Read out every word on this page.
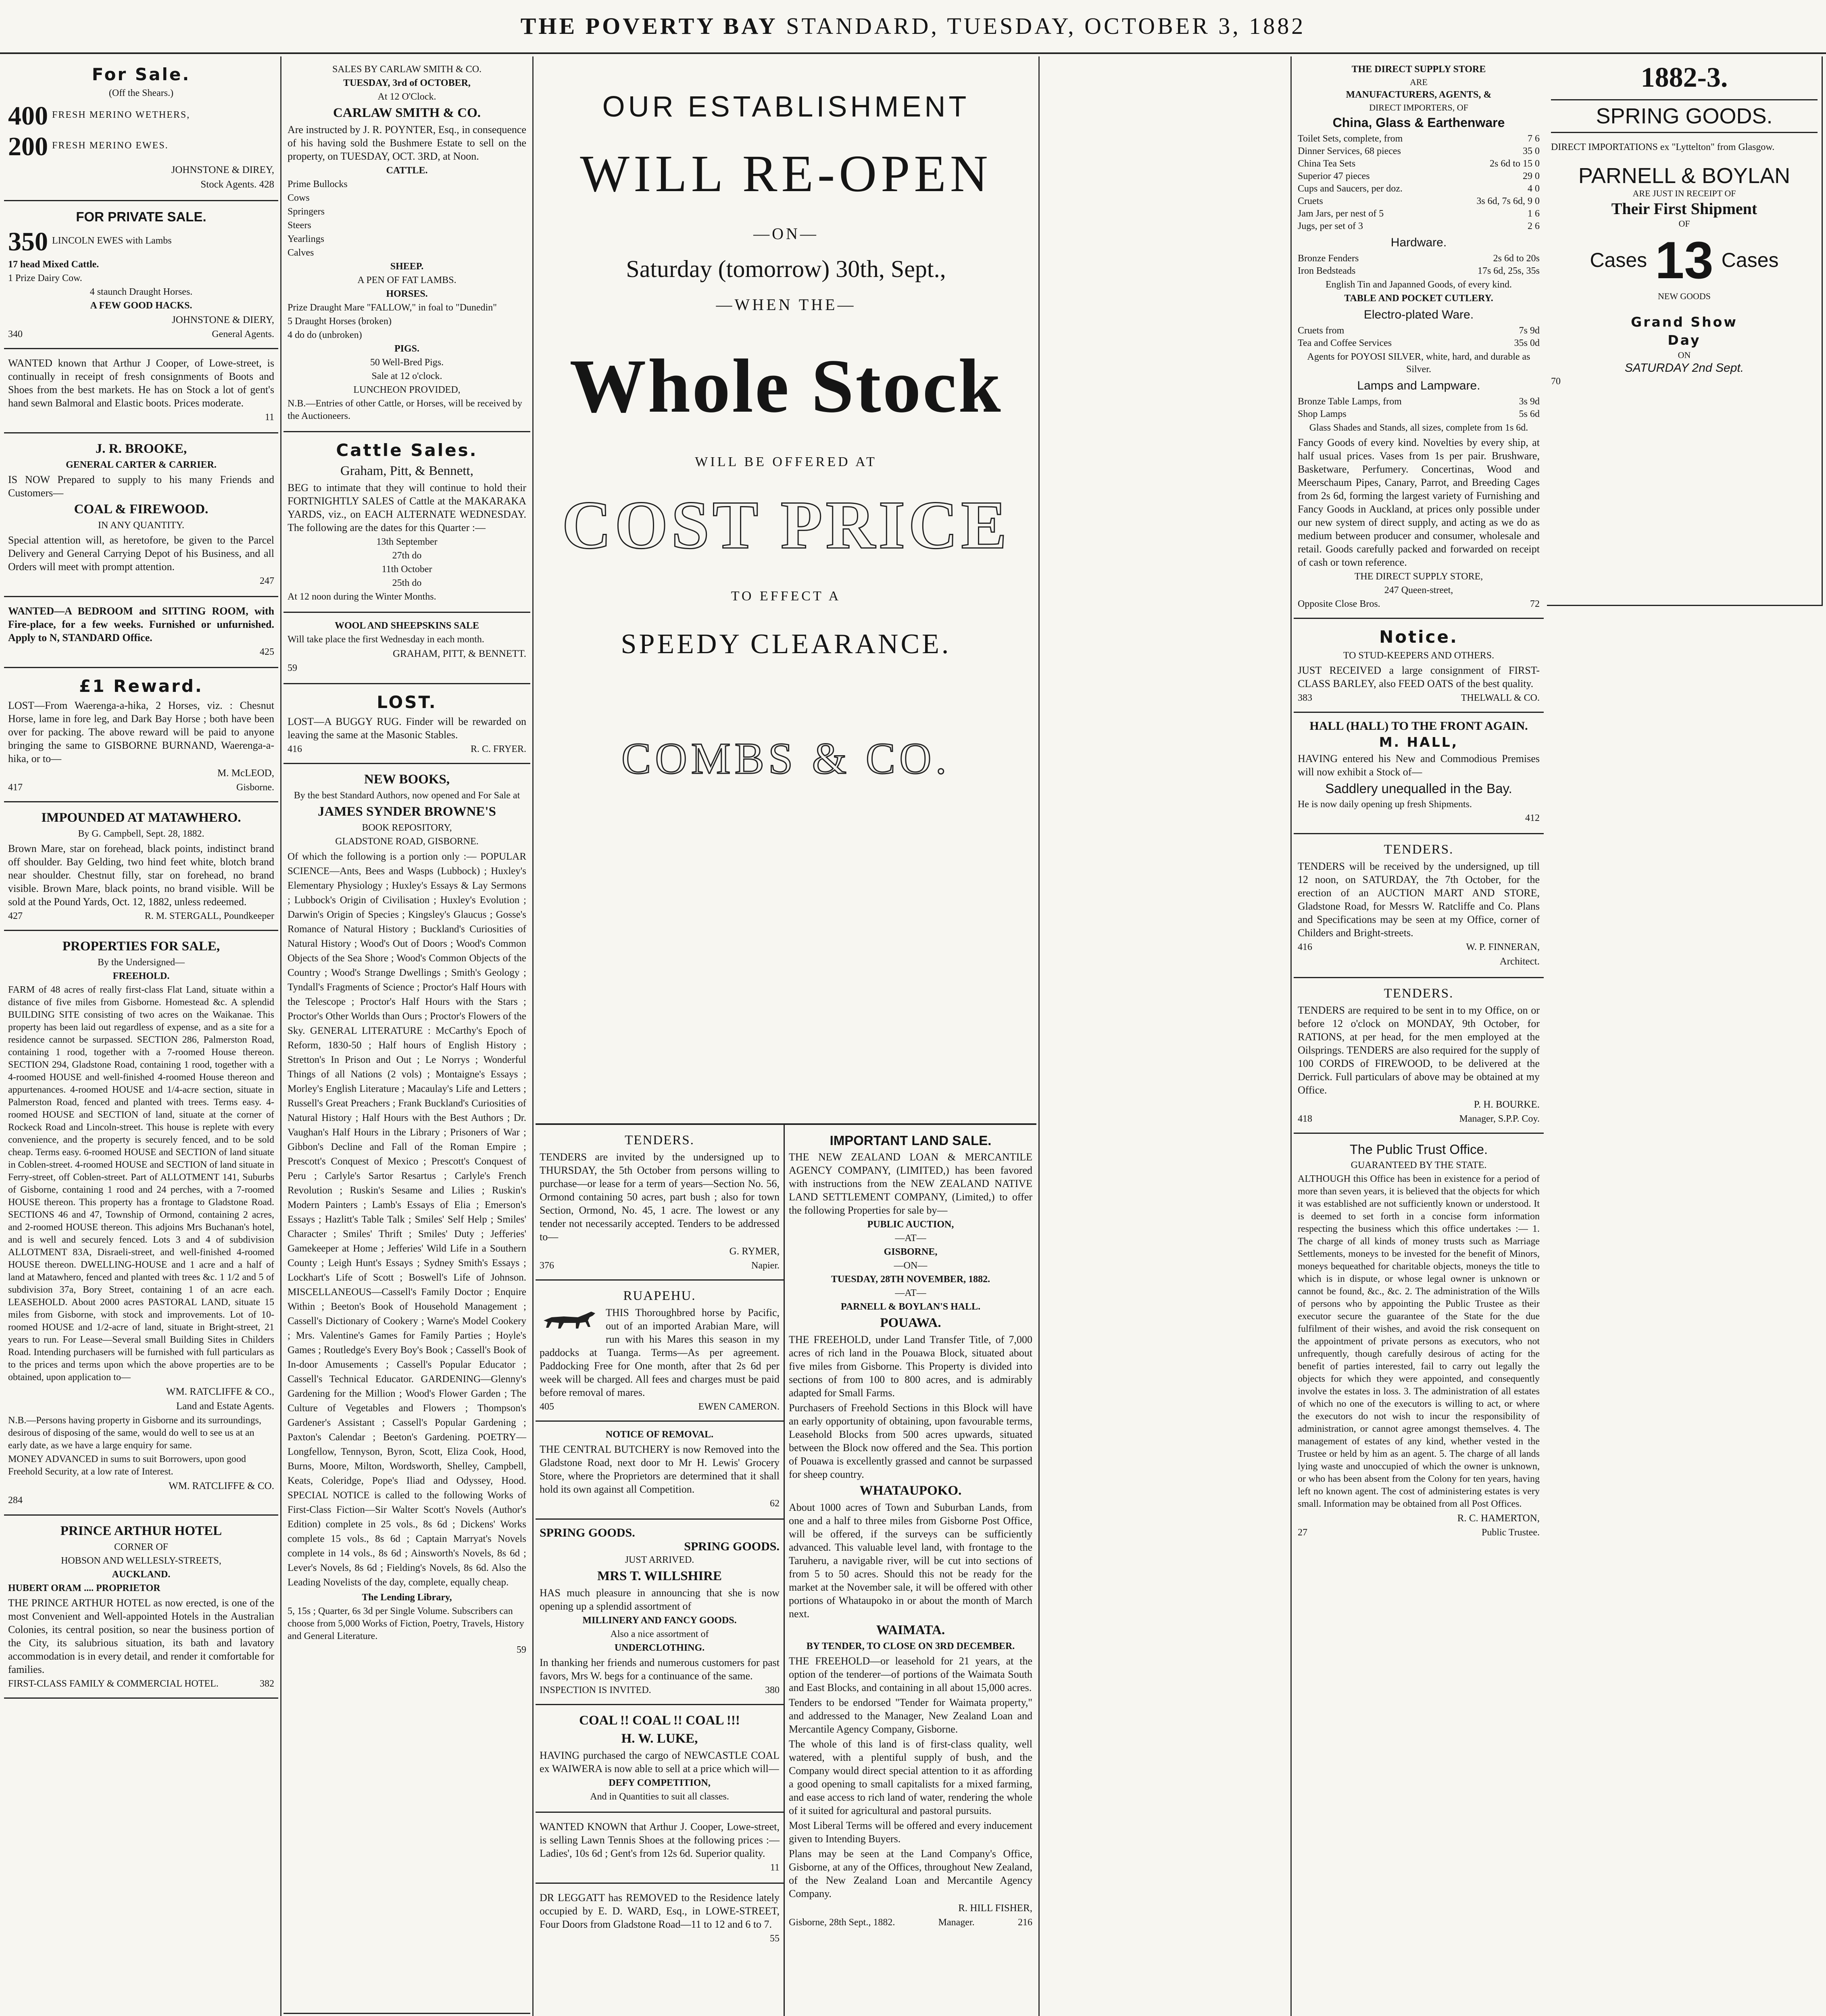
THE POVERTY BAY STANDARD, TUESDAY, OCTOBER 3, 1882
For Sale.
(Off the Shears.)
400 FRESH MERINO WETHERS,
200 FRESH MERINO EWES.
JOHNSTONE & DIREY,
Stock Agents. 428
FOR PRIVATE SALE.
350 LINCOLN EWES with Lambs
17 head Mixed Cattle.
1 Prize Dairy Cow.
4 staunch Draught Horses.
A FEW GOOD HACKS.
JOHNSTONE & DIERY,
340	General Agents.
WANTED known that Arthur J Cooper, of Lowe-street, is continually in receipt of fresh consignments of Boots and Shoes from the best markets. He has on Stock a lot of gent's hand sewn Balmoral and Elastic boots. Prices moderate.
11
J. R. BROOKE,
GENERAL CARTER & CARRIER.
IS NOW Prepared to supply to his many Friends and Customers—
COAL & FIREWOOD.
IN ANY QUANTITY.
Special attention will, as heretofore, be given to the Parcel Delivery and General Carrying Depot of his Business, and all Orders will meet with prompt attention.
247
WANTED—A BEDROOM and SITTING ROOM, with Fire-place, for a few weeks. Furnished or unfurnished. Apply to N, STANDARD Office.
425
£1 Reward.
LOST—From Waerenga-a-hika, 2 Horses, viz. : Chesnut Horse, lame in fore leg, and Dark Bay Horse ; both have been over for packing. The above reward will be paid to anyone bringing the same to GISBORNE BURNAND, Waerenga-a-hika, or to—
M. McLEOD,
417	Gisborne.
IMPOUNDED AT MATAWHERO.
By G. Campbell, Sept. 28, 1882.
Brown Mare, star on forehead, black points, indistinct brand off shoulder. Bay Gelding, two hind feet white, blotch brand near shoulder. Chestnut filly, star on forehead, no brand visible. Brown Mare, black points, no brand visible. Will be sold at the Pound Yards, Oct. 12, 1882, unless redeemed.
427	R. M. STERGALL, Poundkeeper
PROPERTIES FOR SALE,
By the Undersigned—
FREEHOLD.
FARM of 48 acres of really first-class Flat Land, situate within a distance of five miles from Gisborne. Homestead &c. A splendid BUILDING SITE consisting of two acres on the Waikanae. This property has been laid out regardless of expense, and as a site for a residence cannot be surpassed. SECTION 286, Palmerston Road, containing 1 rood, together with a 7-roomed House thereon. SECTION 294, Gladstone Road, containing 1 rood, together with a 4-roomed HOUSE and well-finished 4-roomed House thereon and appurtenances. 4-roomed HOUSE and 1/4-acre section, situate in Palmerston Road, fenced and planted with trees. Terms easy. 4-roomed HOUSE and SECTION of land, situate at the corner of Rockeck Road and Lincoln-street. This house is replete with every convenience, and the property is securely fenced, and to be sold cheap. Terms easy. 6-roomed HOUSE and SECTION of land situate in Coblen-street. 4-roomed HOUSE and SECTION of land situate in Ferry-street, off Coblen-street. Part of ALLOTMENT 141, Suburbs of Gisborne, containing 1 rood and 24 perches, with a 7-roomed HOUSE thereon. This property has a frontage to Gladstone Road. SECTIONS 46 and 47, Township of Ormond, containing 2 acres, and 2-roomed HOUSE thereon. This adjoins Mrs Buchanan's hotel, and is well and securely fenced. Lots 3 and 4 of subdivision ALLOTMENT 83A, Disraeli-street, and well-finished 4-roomed HOUSE thereon. DWELLING-HOUSE and 1 acre and a half of land at Matawhero, fenced and planted with trees &c. 1 1/2 and 5 of subdivision 37a, Bory Street, containing 1 of an acre each. LEASEHOLD. About 2000 acres PASTORAL LAND, situate 15 miles from Gisborne, with stock and improvements. Lot of 10-roomed HOUSE and 1/2-acre of land, situate in Bright-street, 21 years to run. For Lease—Several small Building Sites in Childers Road. Intending purchasers will be furnished with full particulars as to the prices and terms upon which the above properties are to be obtained, upon application to—
WM. RATCLIFFE & CO.,
Land and Estate Agents.
N.B.—Persons having property in Gisborne and its surroundings, desirous of disposing of the same, would do well to see us at an early date, as we have a large enquiry for same.
MONEY ADVANCED in sums to suit Borrowers, upon good Freehold Security, at a low rate of Interest.
WM. RATCLIFFE & CO.
284
PRINCE ARTHUR HOTEL
CORNER OF
HOBSON AND WELLESLY-STREETS,
AUCKLAND.
HUBERT ORAM .... PROPRIETOR
THE PRINCE ARTHUR HOTEL as now erected, is one of the most Convenient and Well-appointed Hotels in the Australian Colonies, its central position, so near the business portion of the City, its salubrious situation, its bath and lavatory accommodation is in every detail, and render it comfortable for families.
FIRST-CLASS FAMILY & COMMERCIAL HOTEL.	382
SALES BY CARLAW SMITH & CO.
TUESDAY, 3rd of OCTOBER,
At 12 O'Clock.
CARLAW SMITH & CO.
Are instructed by J. R. POYNTER, Esq., in consequence of his having sold the Bushmere Estate to sell on the property, on TUESDAY, OCT. 3RD, at Noon.
CATTLE.
Prime Bullocks
Cows
Springers
Steers
Yearlings
Calves
SHEEP.
A PEN OF FAT LAMBS.
HORSES.
Prize Draught Mare "FALLOW," in foal to "Dunedin"
5 Draught Horses (broken)
4 do do (unbroken)
PIGS.
50 Well-Bred Pigs.
Sale at 12 o'clock.
LUNCHEON PROVIDED,
N.B.—Entries of other Cattle, or Horses, will be received by the Auctioneers.
Cattle Sales.
Graham, Pitt, & Bennett,
BEG to intimate that they will continue to hold their FORTNIGHTLY SALES of Cattle at the MAKARAKA YARDS, viz., on EACH ALTERNATE WEDNESDAY. The following are the dates for this Quarter :—
13th September
27th do
11th October
25th do
At 12 noon during the Winter Months.
WOOL AND SHEEPSKINS SALE
Will take place the first Wednesday in each month.
GRAHAM, PITT, & BENNETT.
59
LOST.
LOST—A BUGGY RUG. Finder will be rewarded on leaving the same at the Masonic Stables.
416	R. C. FRYER.
NEW BOOKS,
By the best Standard Authors, now opened and For Sale at
JAMES SYNDER BROWNE'S
BOOK REPOSITORY,
GLADSTONE ROAD, GISBORNE.
Of which the following is a portion only :— POPULAR SCIENCE—Ants, Bees and Wasps (Lubbock) ; Huxley's Elementary Physiology ; Huxley's Essays & Lay Sermons ; Lubbock's Origin of Civilisation ; Huxley's Evolution ; Darwin's Origin of Species ; Kingsley's Glaucus ; Gosse's Romance of Natural History ; Buckland's Curiosities of Natural History ; Wood's Out of Doors ; Wood's Common Objects of the Sea Shore ; Wood's Common Objects of the Country ; Wood's Strange Dwellings ; Smith's Geology ; Tyndall's Fragments of Science ; Proctor's Half Hours with the Telescope ; Proctor's Half Hours with the Stars ; Proctor's Other Worlds than Ours ; Proctor's Flowers of the Sky. GENERAL LITERATURE : McCarthy's Epoch of Reform, 1830-50 ; Half hours of English History ; Stretton's In Prison and Out ; Le Norrys ; Wonderful Things of all Nations (2 vols) ; Montaigne's Essays ; Morley's English Literature ; Macaulay's Life and Letters ; Russell's Great Preachers ; Frank Buckland's Curiosities of Natural History ; Half Hours with the Best Authors ; Dr. Vaughan's Half Hours in the Library ; Prisoners of War ; Gibbon's Decline and Fall of the Roman Empire ; Prescott's Conquest of Mexico ; Prescott's Conquest of Peru ; Carlyle's Sartor Resartus ; Carlyle's French Revolution ; Ruskin's Sesame and Lilies ; Ruskin's Modern Painters ; Lamb's Essays of Elia ; Emerson's Essays ; Hazlitt's Table Talk ; Smiles' Self Help ; Smiles' Character ; Smiles' Thrift ; Smiles' Duty ; Jefferies' Gamekeeper at Home ; Jefferies' Wild Life in a Southern County ; Leigh Hunt's Essays ; Sydney Smith's Essays ; Lockhart's Life of Scott ; Boswell's Life of Johnson. MISCELLANEOUS—Cassell's Family Doctor ; Enquire Within ; Beeton's Book of Household Management ; Cassell's Dictionary of Cookery ; Warne's Model Cookery ; Mrs. Valentine's Games for Family Parties ; Hoyle's Games ; Routledge's Every Boy's Book ; Cassell's Book of In-door Amusements ; Cassell's Popular Educator ; Cassell's Technical Educator. GARDENING—Glenny's Gardening for the Million ; Wood's Flower Garden ; The Culture of Vegetables and Flowers ; Thompson's Gardener's Assistant ; Cassell's Popular Gardening ; Paxton's Calendar ; Beeton's Gardening. POETRY—Longfellow, Tennyson, Byron, Scott, Eliza Cook, Hood, Burns, Moore, Milton, Wordsworth, Shelley, Campbell, Keats, Coleridge, Pope's Iliad and Odyssey, Hood. SPECIAL NOTICE is called to the following Works of First-Class Fiction—Sir Walter Scott's Novels (Author's Edition) complete in 25 vols., 8s 6d ; Dickens' Works complete 15 vols., 8s 6d ; Captain Marryat's Novels complete in 14 vols., 8s 6d ; Ainsworth's Novels, 8s 6d ; Lever's Novels, 8s 6d ; Fielding's Novels, 8s 6d. Also the Leading Novelists of the day, complete, equally cheap.
The Lending Library,
5, 15s ; Quarter, 6s 3d per Single Volume. Subscribers can choose from 5,000 Works of Fiction, Poetry, Travels, History and General Literature.
59
OUR ESTABLISHMENT
WILL RE-OPEN
—ON—
Saturday (tomorrow) 30th, Sept.,
—WHEN THE—
Whole Stock
WILL BE OFFERED AT
COST PRICE
TO EFFECT A
SPEEDY CLEARANCE.
COMBS & CO.
TENDERS.
TENDERS are invited by the undersigned up to THURSDAY, the 5th October from persons willing to purchase—or lease for a term of years—Section No. 56, Ormond containing 50 acres, part bush ; also for town Section, Ormond, No. 45, 1 acre. The lowest or any tender not necessarily accepted. Tenders to be addressed to—
G. RYMER,
376	Napier.
RUAPEHU.
THIS Thoroughbred horse by Pacific, out of an imported Arabian Mare, will run with his Mares this season in my paddocks at Tuanga. Terms—As per agreement. Paddocking Free for One month, after that 2s 6d per week will be charged. All fees and charges must be paid before removal of mares.
405	EWEN CAMERON.
NOTICE OF REMOVAL.
THE CENTRAL BUTCHERY is now Removed into the Gladstone Road, next door to Mr H. Lewis' Grocery Store, where the Proprietors are determined that it shall hold its own against all Competition.
62
SPRING GOODS.
SPRING GOODS.
JUST ARRIVED.
MRS T. WILLSHIRE
HAS much pleasure in announcing that she is now opening up a splendid assortment of
MILLINERY AND FANCY GOODS.
Also a nice assortment of
UNDERCLOTHING.
In thanking her friends and numerous customers for past favors, Mrs W. begs for a continuance of the same.
INSPECTION IS INVITED.	380
COAL !! COAL !! COAL !!!
H. W. LUKE,
HAVING purchased the cargo of NEWCASTLE COAL ex WAIWERA is now able to sell at a price which will—
DEFY COMPETITION,
And in Quantities to suit all classes.
WANTED KNOWN that Arthur J. Cooper, Lowe-street, is selling Lawn Tennis Shoes at the following prices :—Ladies', 10s 6d ; Gent's from 12s 6d. Superior quality.
11
DR LEGGATT has REMOVED to the Residence lately occupied by E. D. WARD, Esq., in LOWE-STREET, Four Doors from Gladstone Road—11 to 12 and 6 to 7.
55
IMPORTANT LAND SALE.
THE NEW ZEALAND LOAN & MERCANTILE AGENCY COMPANY, (LIMITED,) has been favored with instructions from the NEW ZEALAND NATIVE LAND SETTLEMENT COMPANY, (Limited,) to offer the following Properties for sale by—
PUBLIC AUCTION,
—AT—
GISBORNE,
—ON—
TUESDAY, 28TH NOVEMBER, 1882.
—AT—
PARNELL & BOYLAN'S HALL.
POUAWA.
THE FREEHOLD, under Land Transfer Title, of 7,000 acres of rich land in the Pouawa Block, situated about five miles from Gisborne. This Property is divided into sections of from 100 to 800 acres, and is admirably adapted for Small Farms.
Purchasers of Freehold Sections in this Block will have an early opportunity of obtaining, upon favourable terms, Leasehold Blocks from 500 acres upwards, situated between the Block now offered and the Sea. This portion of Pouawa is excellently grassed and cannot be surpassed for sheep country.
WHATAUPOKO.
About 1000 acres of Town and Suburban Lands, from one and a half to three miles from Gisborne Post Office, will be offered, if the surveys can be sufficiently advanced. This valuable level land, with frontage to the Taruheru, a navigable river, will be cut into sections of from 5 to 50 acres. Should this not be ready for the market at the November sale, it will be offered with other portions of Whataupoko in or about the month of March next.
WAIMATA.
BY TENDER, TO CLOSE ON 3RD DECEMBER.
THE FREEHOLD—or leasehold for 21 years, at the option of the tenderer—of portions of the Waimata South and East Blocks, and containing in all about 15,000 acres.
Tenders to be endorsed "Tender for Waimata property," and addressed to the Manager, New Zealand Loan and Mercantile Agency Company, Gisborne.
The whole of this land is of first-class quality, well watered, with a plentiful supply of bush, and the Company would direct special attention to it as affording a good opening to small capitalists for a mixed farming, and ease access to rich land of water, rendering the whole of it suited for agricultural and pastoral pursuits.
Most Liberal Terms will be offered and every inducement given to Intending Buyers.
Plans may be seen at the Land Company's Office, Gisborne, at any of the Offices, throughout New Zealand, of the New Zealand Loan and Mercantile Agency Company.
R. HILL FISHER,
Gisborne, 28th Sept., 1882.	Manager.	216
THE DIRECT SUPPLY STORE
ARE
MANUFACTURERS, AGENTS, &
DIRECT IMPORTERS, OF
China, Glass & Earthenware
Toilet Sets, complete, from	7 6
Dinner Services, 68 pieces	35 0
China Tea Sets	2s 6d to 15 0
Superior 47 pieces	29 0
Cups and Saucers, per doz.	4 0
Cruets	3s 6d, 7s 6d, 9 0
Jam Jars, per nest of 5	1 6
Jugs, per set of 3	2 6
Hardware.
Bronze Fenders	2s 6d to 20s
Iron Bedsteads	17s 6d, 25s, 35s
English Tin and Japanned Goods, of every kind.
TABLE AND POCKET CUTLERY.
Electro-plated Ware.
Cruets from	7s 9d
Tea and Coffee Services	35s 0d
Agents for POYOSI SILVER, white, hard, and durable as Silver.
Lamps and Lampware.
Bronze Table Lamps, from	3s 9d
Shop Lamps	5s 6d
Glass Shades and Stands, all sizes, complete from 1s 6d.
Fancy Goods of every kind. Novelties by every ship, at half usual prices. Vases from 1s per pair. Brushware, Basketware, Perfumery. Concertinas, Wood and Meerschaum Pipes, Canary, Parrot, and Breeding Cages from 2s 6d, forming the largest variety of Furnishing and Fancy Goods in Auckland, at prices only possible under our new system of direct supply, and acting as we do as medium between producer and consumer, wholesale and retail. Goods carefully packed and forwarded on receipt of cash or town reference.
THE DIRECT SUPPLY STORE,
247 Queen-street,
Opposite Close Bros.	72
Notice.
TO STUD-KEEPERS AND OTHERS.
JUST RECEIVED a large consignment of FIRST-CLASS BARLEY, also FEED OATS of the best quality.
383	THELWALL & CO.
HALL (HALL) TO THE FRONT AGAIN.
M. HALL,
HAVING entered his New and Commodious Premises will now exhibit a Stock of—
Saddlery unequalled in the Bay.
He is now daily opening up fresh Shipments.
412
TENDERS.
TENDERS will be received by the undersigned, up till 12 noon, on SATURDAY, the 7th October, for the erection of an AUCTION MART AND STORE, Gladstone Road, for Messrs W. Ratcliffe and Co. Plans and Specifications may be seen at my Office, corner of Childers and Bright-streets.
416	W. P. FINNERAN,
Architect.
TENDERS.
TENDERS are required to be sent in to my Office, on or before 12 o'clock on MONDAY, 9th October, for RATIONS, at per head, for the men employed at the Oilsprings. TENDERS are also required for the supply of 100 CORDS of FIREWOOD, to be delivered at the Derrick. Full particulars of above may be obtained at my Office.
P. H. BOURKE.
418	Manager, S.P.P. Coy.
The Public Trust Office.
GUARANTEED BY THE STATE.
ALTHOUGH this Office has been in existence for a period of more than seven years, it is believed that the objects for which it was established are not sufficiently known or understood. It is deemed to set forth in a concise form information respecting the business which this office undertakes :— 1. The charge of all kinds of money trusts such as Marriage Settlements, moneys to be invested for the benefit of Minors, moneys bequeathed for charitable objects, moneys the title to which is in dispute, or whose legal owner is unknown or cannot be found, &c., &c. 2. The administration of the Wills of persons who by appointing the Public Trustee as their executor secure the guarantee of the State for the due fulfilment of their wishes, and avoid the risk consequent on the appointment of private persons as executors, who not unfrequently, though carefully desirous of acting for the benefit of parties interested, fail to carry out legally the objects for which they were appointed, and consequently involve the estates in loss. 3. The administration of all estates of which no one of the executors is willing to act, or where the executors do not wish to incur the responsibility of administration, or cannot agree amongst themselves. 4. The management of estates of any kind, whether vested in the Trustee or held by him as an agent. 5. The charge of all lands lying waste and unoccupied of which the owner is unknown, or who has been absent from the Colony for ten years, having left no known agent. The cost of administering estates is very small. Information may be obtained from all Post Offices.
R. C. HAMERTON,
27	Public Trustee.
1882-3.
SPRING GOODS.
DIRECT IMPORTATIONS ex "Lyttelton" from Glasgow.
PARNELL & BOYLAN
ARE JUST IN RECEIPT OF
Their First Shipment
OF
Cases 13 Cases
NEW GOODS
Grand Show
Day
ON
SATURDAY 2nd Sept.
70
